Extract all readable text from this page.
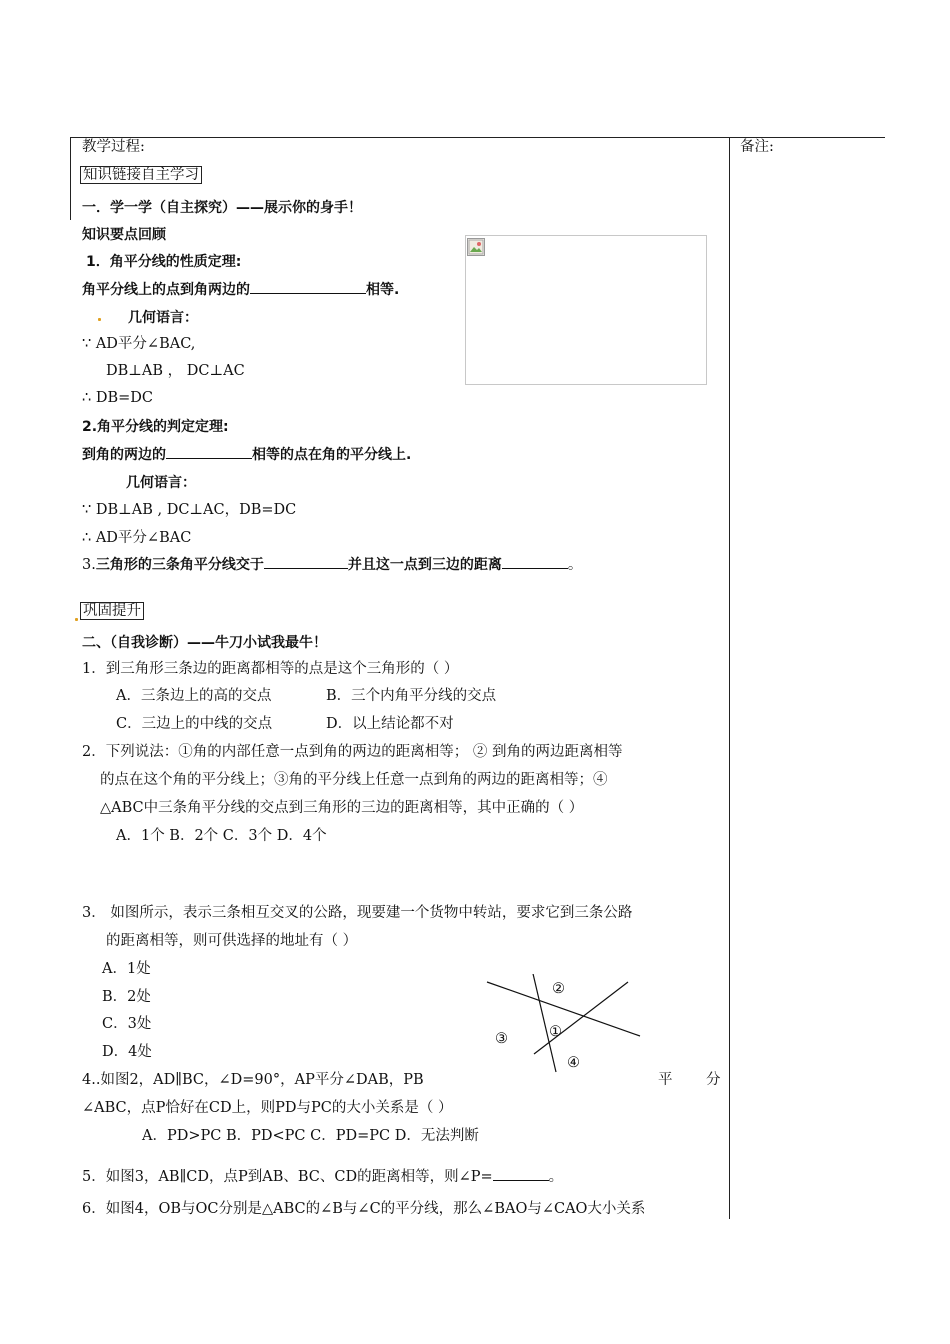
教学过程:	备注:
知识链接自主学习
一．学一学（自主探究）——展示你的身手！
知识要点回顾
1．角平分线的性质定理:
角平分线上的点到角两边的	相等.
几何语言：
∵ AD平分∠BAC,
DB⊥AB ， DC⊥AC
∴ DB=DC
2.角平分线的判定定理:
到角的两边的	相等的点在角的平分线上.
几何语言：
∵ DB⊥AB , DC⊥AC，DB=DC
∴ AD平分∠BAC
3.三角形的三条角平分线交于	并且这一点到三边的距离	。
巩固提升
二、（自我诊断）——牛刀小试我最牛！
1．到三角形三条边的距离都相等的点是这个三角形的（ ）
A．三条边上的高的交点	B．三个内角平分线的交点
C．三边上的中线的交点	D．以上结论都不对
2．下列说法：①角的内部任意一点到角的两边的距离相等； ② 到角的两边距离相等
的点在这个角的平分线上；③角的平分线上任意一点到角的两边的距离相等；④
△ABC中三条角平分线的交点到三角形的三边的距离相等，其中正确的（ ）
A．1个 B．2个 C．3个 D．4个
3． 如图所示，表示三条相互交叉的公路，现要建一个货物中转站，要求它到三条公路
的距离相等，则可供选择的地址有（ ）
A．1处
B．2处
C．3处
D．4处
②
①
③
④
4..如图2，AD∥BC，∠D=90°，AP平分∠DAB，PB	平 分
∠ABC，点P恰好在CD上，则PD与PC的大小关系是（ ）
A．PD>PC B．PD<PC C．PD=PC D．无法判断
5．如图3，AB∥CD，点P到AB、BC、CD的距离相等，则∠P=	。
6．如图4，OB与OC分别是△ABC的∠B与∠C的平分线，那么∠BAO与∠CAO大小关系
